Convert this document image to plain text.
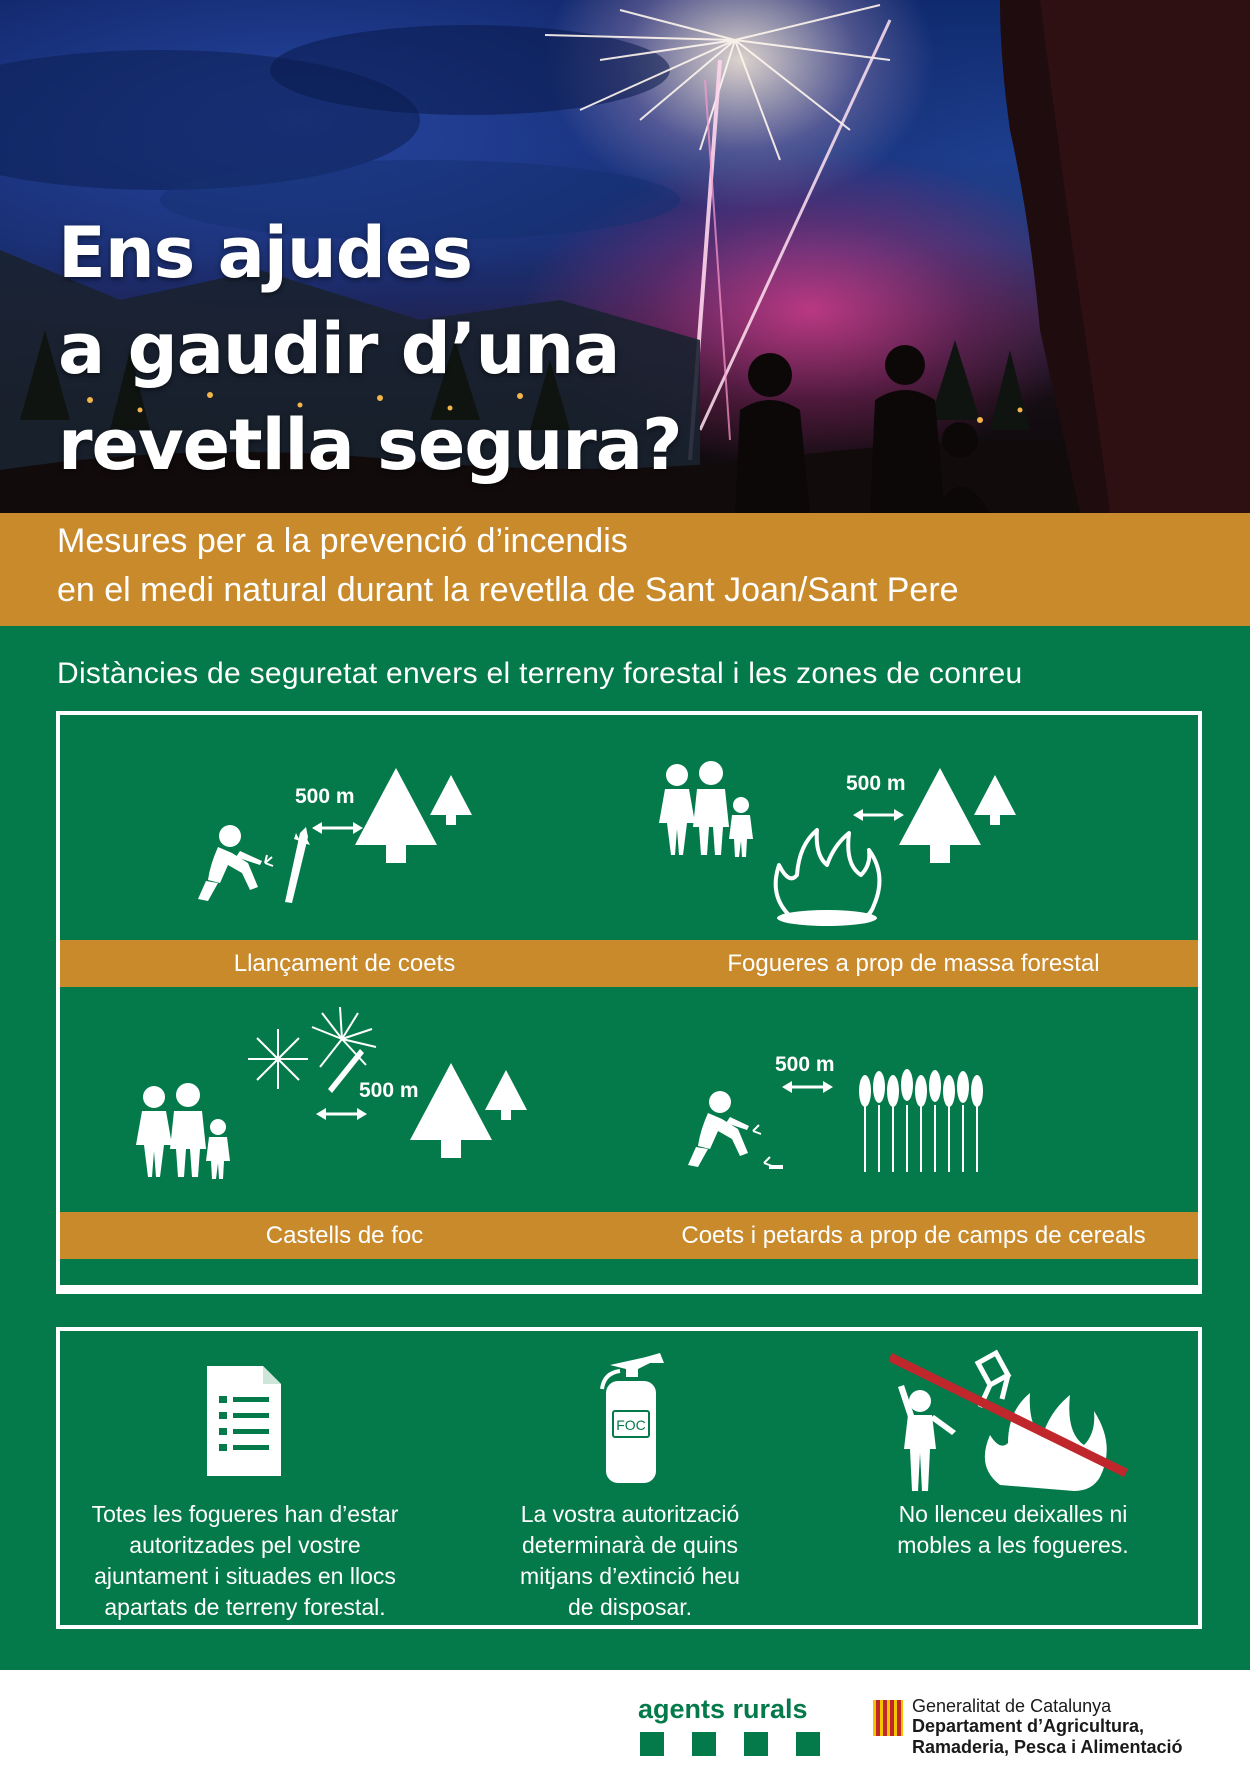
Ens ajudes
a gaudir d’una
revetlla segura?
Mesures per a la prevenció d’incendis
en el medi natural durant la revetlla de Sant Joan/Sant Pere
Distàncies de seguretat envers el terreny forestal i les zones de conreu
500 m
500 m
Llançament de coets	Fogueres a prop de massa forestal
500 m
500 m
Castells de foc	Coets i petards a prop de camps de cereals
FOC
Totes les fogueres han d’estar
autoritzades pel vostre
ajuntament i situades en llocs
apartats de terreny forestal.
La vostra autorització
determinarà de quins
mitjans d’extinció heu
de disposar.
No llenceu deixalles ni
mobles a les fogueres.
agents rurals	Generalitat de Catalunya
Departament d’Agricultura,
Ramaderia, Pesca i Alimentació
